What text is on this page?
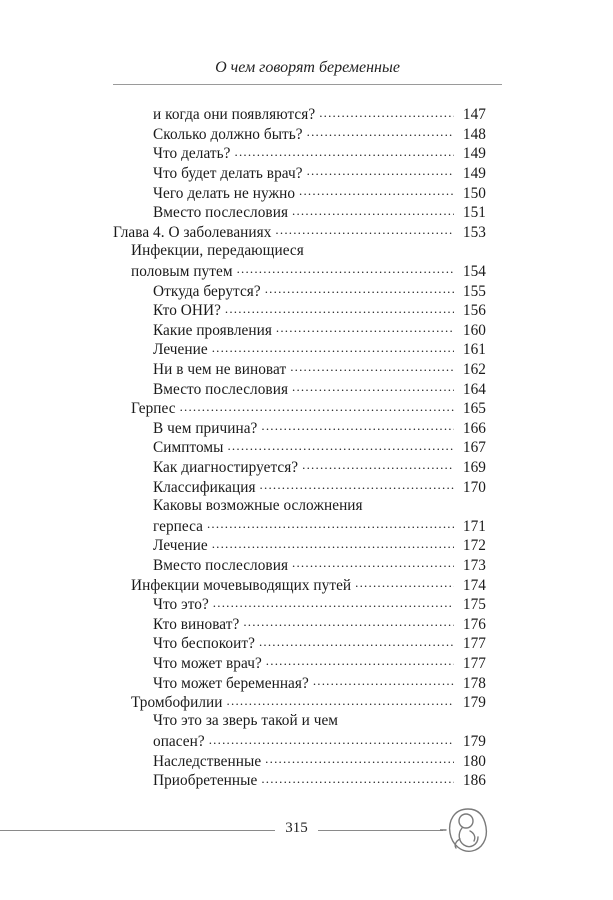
О чем говорят беременные
и когда они появляются? .....	147
Сколько должно быть? .....	148
Что делать? .....	149
Что будет делать врач? .....	149
Чего делать не нужно .....	150
Вместо послесловия .....	151
Глава 4. О заболеваниях .....	153
Инфекции, передающиеся
половым путем .....	154
Откуда берутся? .....	155
Кто ОНИ? .....	156
Какие проявления .....	160
Лечение .....	161
Ни в чем не виноват .....	162
Вместо послесловия .....	164
Герпес .....	165
В чем причина? .....	166
Симптомы .....	167
Как диагностируется? .....	169
Классификация .....	170
Каковы возможные осложнения
герпеса .....	171
Лечение .....	172
Вместо послесловия .....	173
Инфекции мочевыводящих путей .....	174
Что это? .....	175
Кто виноват? .....	176
Что беспокоит? .....	177
Что может врач? .....	177
Что может беременная? .....	178
Тромбофилии .....	179
Что это за зверь такой и чем
опасен? .....	179
Наследственные .....	180
Приобретенные .....	186
315
